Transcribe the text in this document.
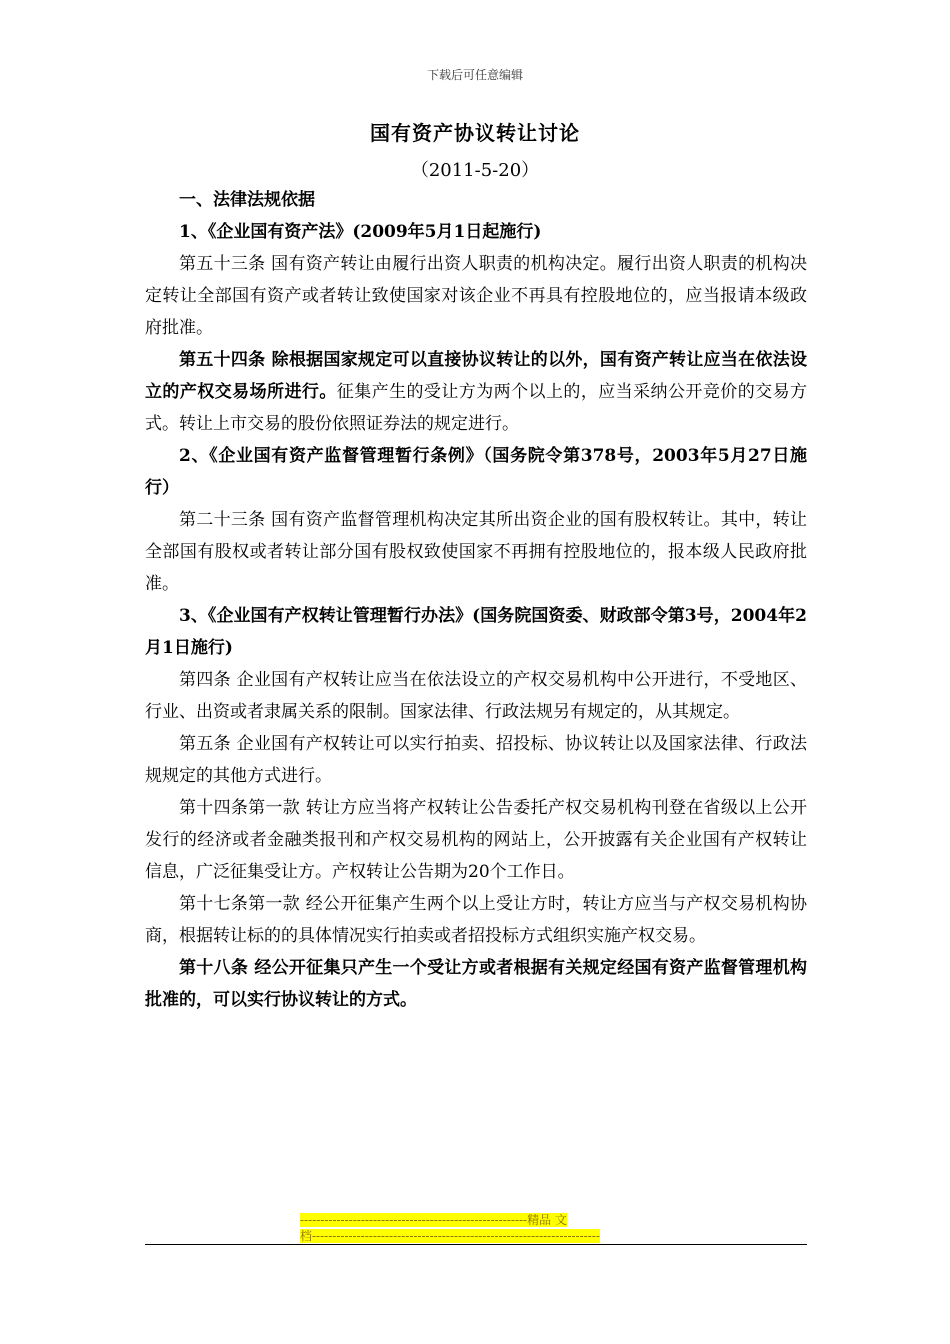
下载后可任意编辑
国有资产协议转让讨论
（2011-5-20）

一、法律法规依据

1、《企业国有资产法》(2009年5月1日起施行)

第五十三条 国有资产转让由履行出资人职责的机构决定。履行出资人职责的机构决定转让全部国有资产或者转让致使国家对该企业不再具有控股地位的，应当报请本级政府批准。

第五十四条 除根据国家规定可以直接协议转让的以外，国有资产转让应当在依法设立的产权交易场所进行。征集产生的受让方为两个以上的，应当采纳公开竞价的交易方式。转让上市交易的股份依照证券法的规定进行。

2、《企业国有资产监督管理暂行条例》（国务院令第378号，2003年5月27日施行）

第二十三条 国有资产监督管理机构决定其所出资企业的国有股权转让。其中，转让全部国有股权或者转让部分国有股权致使国家不再拥有控股地位的，报本级人民政府批准。

3、《企业国有产权转让管理暂行办法》(国务院国资委、财政部令第3号，2004年2月1日施行)

第四条 企业国有产权转让应当在依法设立的产权交易机构中公开进行，不受地区、行业、出资或者隶属关系的限制。国家法律、行政法规另有规定的，从其规定。

第五条 企业国有产权转让可以实行拍卖、招投标、协议转让以及国家法律、行政法规规定的其他方式进行。

第十四条第一款 转让方应当将产权转让公告委托产权交易机构刊登在省级以上公开发行的经济或者金融类报刊和产权交易机构的网站上，公开披露有关企业国有产权转让信息，广泛征集受让方。产权转让公告期为20个工作日。

第十七条第一款 经公开征集产生两个以上受让方时，转让方应当与产权交易机构协商，根据转让标的的具体情况实行拍卖或者招投标方式组织实施产权交易。

第十八条 经公开征集只产生一个受让方或者根据有关规定经国有资产监督管理机构批准的，可以实行协议转让的方式。

--------------------------------------------------------精品 文
档-----------------------------------------------------------------------
